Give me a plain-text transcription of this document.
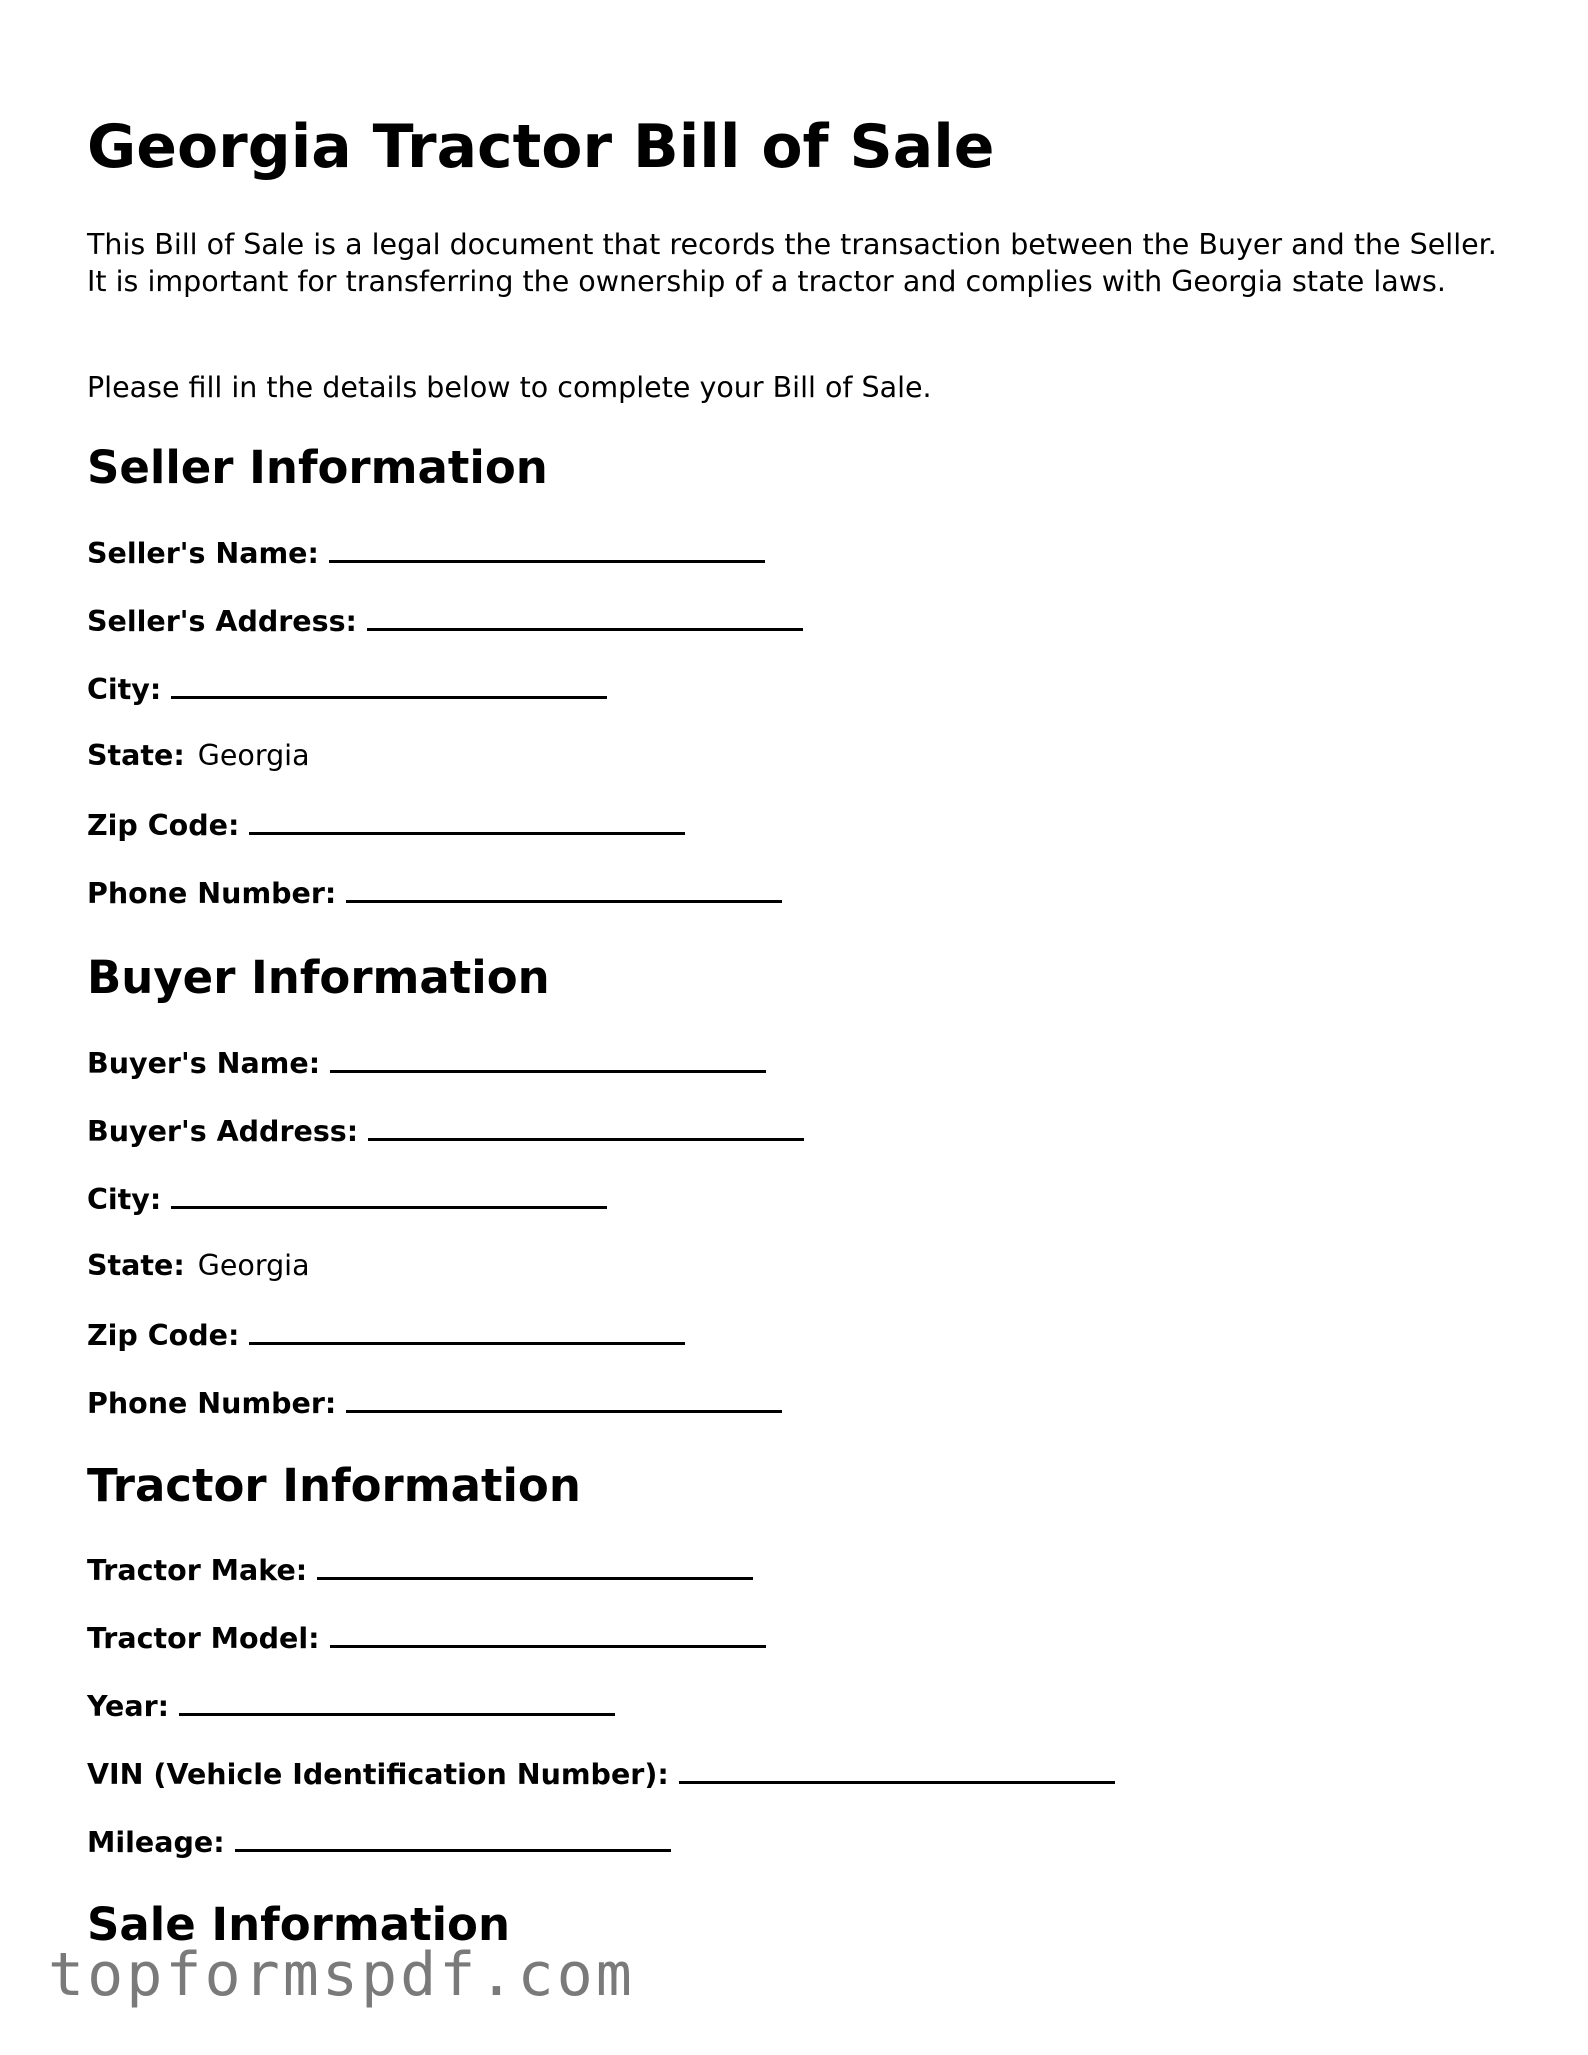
Georgia Tractor Bill of Sale

This Bill of Sale is a legal document that records the transaction between the Buyer and the Seller. It is important for transferring the ownership of a tractor and complies with Georgia state laws.

Please fill in the details below to complete your Bill of Sale.

Seller Information
Seller's Name:
Seller's Address:
City:
State: Georgia
Zip Code:
Phone Number:
Buyer Information
Buyer's Name:
Buyer's Address:
City:
State: Georgia
Zip Code:
Phone Number:
Tractor Information
Tractor Make:
Tractor Model:
Year:
VIN (Vehicle Identification Number):
Mileage:
Sale Information
topformspdf.com
